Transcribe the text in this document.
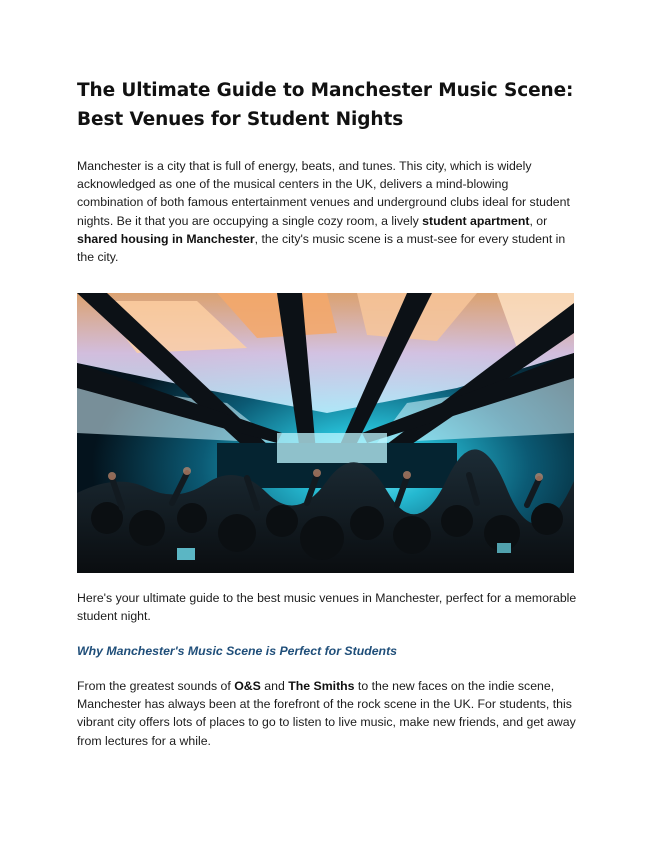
The Ultimate Guide to Manchester Music Scene:
Best Venues for Student Nights

Manchester is a city that is full of energy, beats, and tunes. This city, which is widely acknowledged as one of the musical centers in the UK, delivers a mind-blowing combination of both famous entertainment venues and underground clubs ideal for student nights. Be it that you are occupying a single cozy room, a lively student apartment, or shared housing in Manchester, the city's music scene is a must-see for every student in the city.

Here's your ultimate guide to the best music venues in Manchester, perfect for a memorable student night.

Why Manchester's Music Scene is Perfect for Students

From the greatest sounds of O&S and The Smiths to the new faces on the indie scene, Manchester has always been at the forefront of the rock scene in the UK. For students, this vibrant city offers lots of places to go to listen to live music, make new friends, and get away from lectures for a while.
